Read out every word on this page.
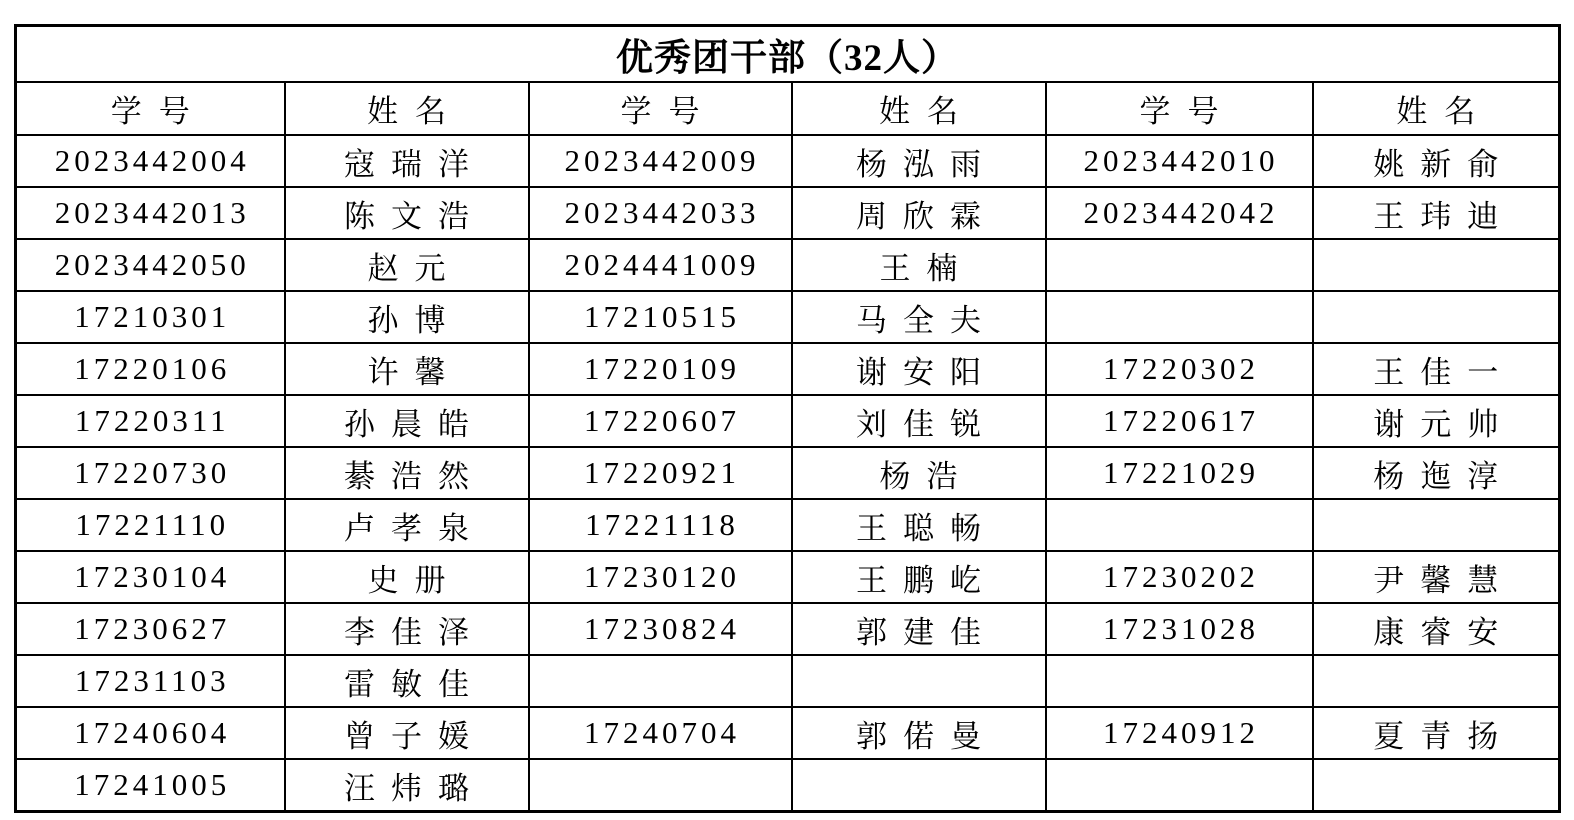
优秀团干部（32人）					
学号	姓名	学号	姓名	学号	姓名
2023442004	寇瑞洋	2023442009	杨泓雨	2023442010	姚新俞
2023442013	陈文浩	2023442033	周欣霖	2023442042	王玮迪
2023442050	赵元	2024441009	王楠		
17210301	孙博	17210515	马全夫		
17220106	许馨	17220109	谢安阳	17220302	王佳一
17220311	孙晨皓	17220607	刘佳锐	17220617	谢元帅
17220730	綦浩然	17220921	杨浩	17221029	杨迤淳
17221110	卢孝泉	17221118	王聪畅		
17230104	史册	17230120	王鹏屹	17230202	尹馨慧
17230627	李佳泽	17230824	郭建佳	17231028	康睿安
17231103	雷敏佳				
17240604	曾子媛	17240704	郭偌曼	17240912	夏青扬
17241005	汪炜璐				
